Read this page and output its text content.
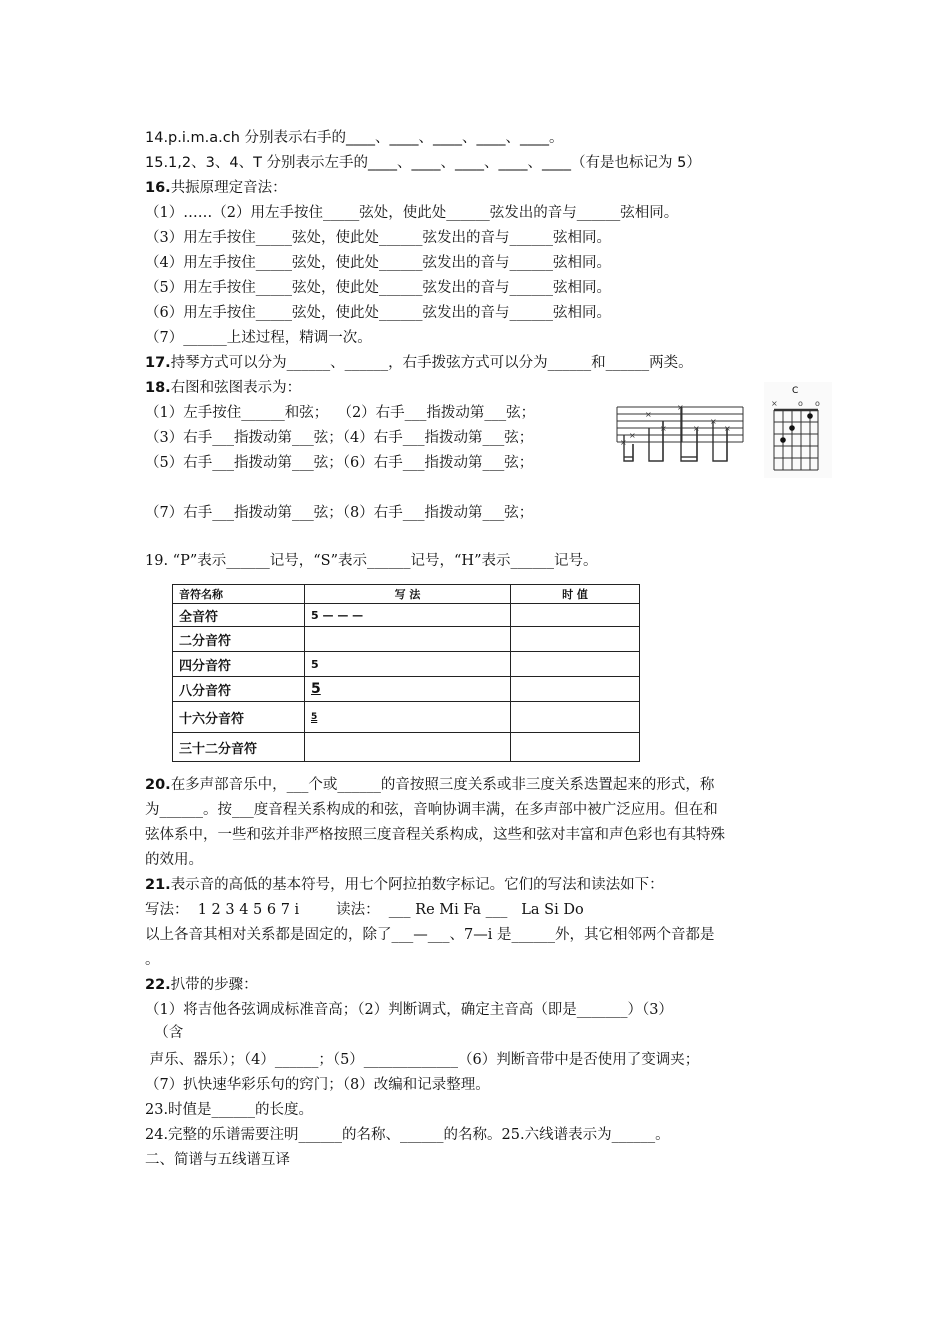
14.p.i.m.a.ch 分别表示右手的____、____、____、____、____。
15.1,2、3、4、T 分别表示左手的____、____、____、____、____（有是也标记为 5）
16.共振原理定音法：
（1）……（2）用左手按住_____弦处，使此处______弦发出的音与______弦相同。
（3）用左手按住_____弦处，使此处______弦发出的音与______弦相同。
（4）用左手按住_____弦处，使此处______弦发出的音与______弦相同。
（5）用左手按住_____弦处，使此处______弦发出的音与______弦相同。
（6）用左手按住_____弦处，使此处______弦发出的音与______弦相同。
（7）______上述过程，精调一次。
17.持琴方式可以分为______、______，右手拨弦方式可以分为______和______两类。
18.右图和弦图表示为：
（1）左手按住______和弦；  （2）右手___指拨动第___弦；
（3）右手___指拨动第___弦；（4）右手___指拨动第___弦；
（5）右手___指拨动第___弦；（6）右手___指拨动第___弦；
（7）右手___指拨动第___弦；（8）右手___指拨动第___弦；
×
×
×
×
×
×
×
×
C
×	o o
19. “P”表示______记号，“S”表示______记号，“H”表示______记号。
音符名称	写 法	时 值
全音符	5 — — —	
二分音符		
四分音符	5	
八分音符	5	
十六分音符	5	
三十二分音符		
20.在多声部音乐中，___个或______的音按照三度关系或非三度关系迭置起来的形式，称
为______。按___度音程关系构成的和弦，音响协调丰满，在多声部中被广泛应用。但在和
弦体系中，一些和弦并非严格按照三度音程关系构成，这些和弦对丰富和声色彩也有其特殊
的效用。
21.表示音的高低的基本符号，用七个阿拉拍数字标记。它们的写法和读法如下：
写法：  1 2 3 4 5 6 7 i        读法：  ___ Re Mi Fa ___   La Si Do
以上各音其相对关系都是固定的，除了___—___、7—i 是______外，其它相邻两个音都是
。
22.扒带的步骤：
（1）将吉他各弦调成标准音高；（2）判断调式，确定主音高（即是_______）（3）
（含
声乐、器乐）；（4）______；（5）_____________（6）判断音带中是否使用了变调夹；
（7）扒快速华彩乐句的窍门；（8）改编和记录整理。
23.时值是______的长度。
24.完整的乐谱需要注明______的名称、______的名称。25.六线谱表示为______。
二、简谱与五线谱互译
